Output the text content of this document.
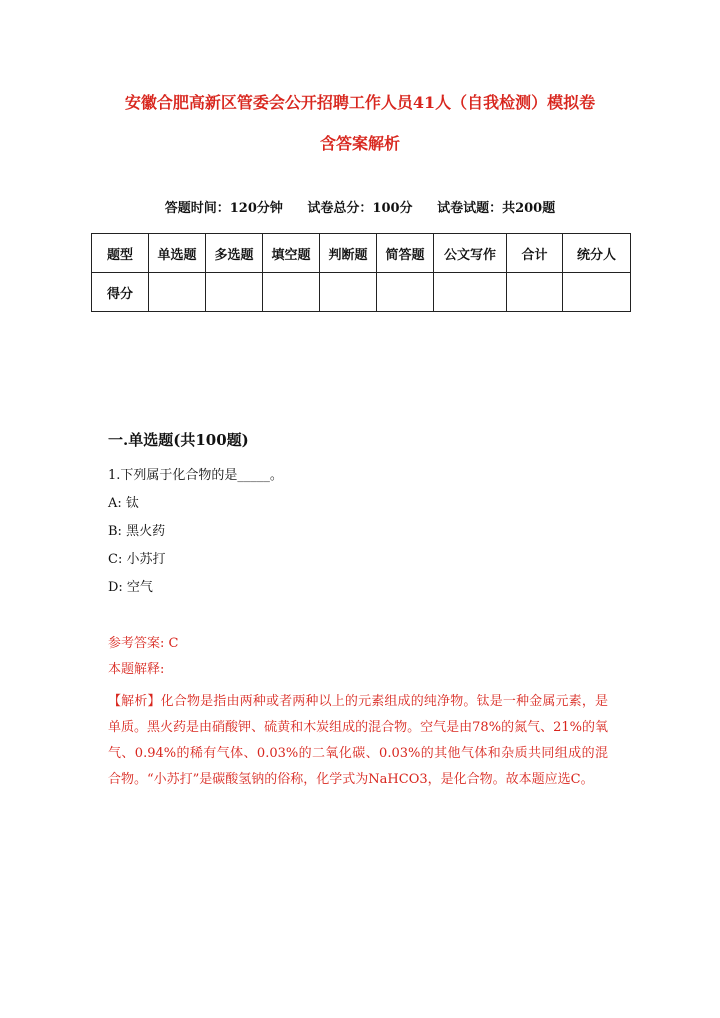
安徽合肥高新区管委会公开招聘工作人员41人（自我检测）模拟卷
含答案解析
答题时间：120分钟 试卷总分：100分 试卷试题：共200题
题型	单选题	多选题	填空题	判断题	简答题	公文写作	合计	统分人
得分								
一.单选题(共100题)
1.下列属于化合物的是_____。
A: 钛
B: 黑火药
C: 小苏打
D: 空气
参考答案: C
本题解释:
【解析】化合物是指由两种或者两种以上的元素组成的纯净物。钛是一种金属元素，是单质。黑火药是由硝酸钾、硫黄和木炭组成的混合物。空气是由78%的氮气、21%的氧气、0.94%的稀有气体、0.03%的二氧化碳、0.03%的其他气体和杂质共同组成的混合物。“小苏打”是碳酸氢钠的俗称，化学式为NaHCO3，是化合物。故本题应选C。
